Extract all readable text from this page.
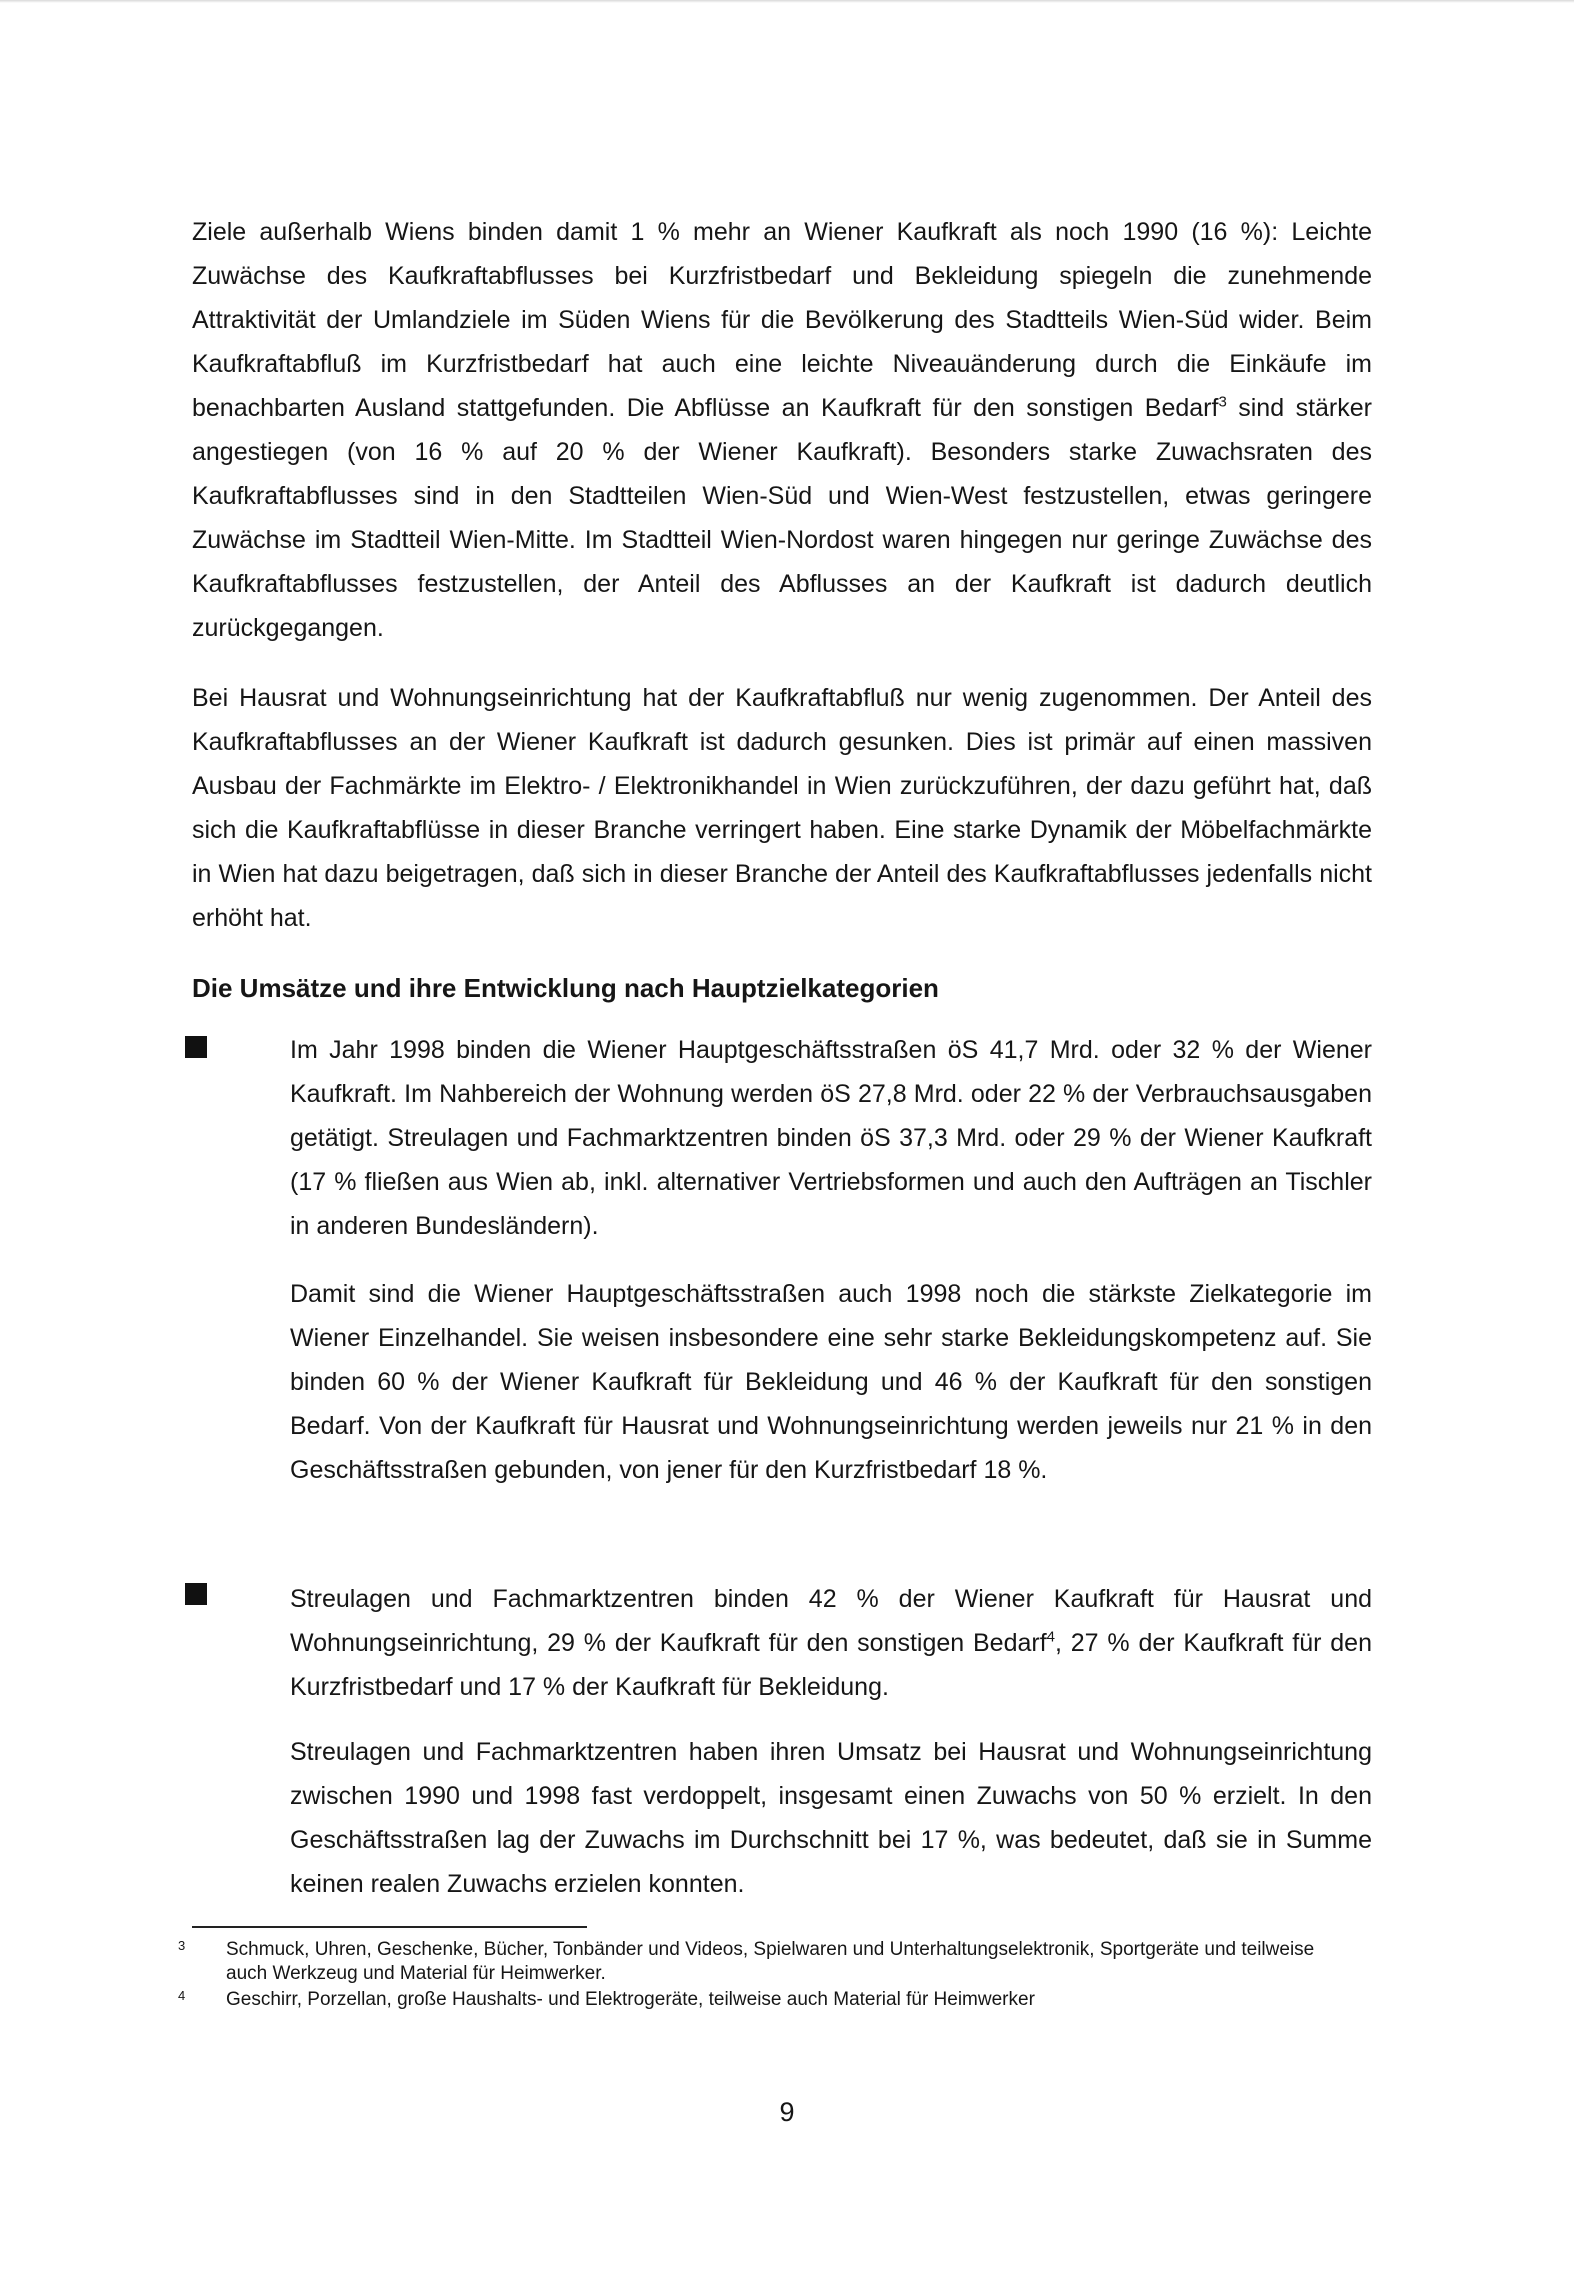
Ziele außerhalb Wiens binden damit 1 % mehr an Wiener Kaufkraft als noch 1990 (16 %): Leichte Zuwächse des Kaufkraftabflusses bei Kurzfristbedarf und Bekleidung spiegeln die zunehmende Attraktivität der Umlandziele im Süden Wiens für die Bevölkerung des Stadtteils Wien-Süd wider. Beim Kaufkraftabfluß im Kurzfristbedarf hat auch eine leichte Niveauänderung durch die Einkäufe im benachbarten Ausland stattgefunden. Die Abflüsse an Kaufkraft für den sonstigen Bedarf$^3$ sind stärker angestiegen (von 16 % auf 20 % der Wiener Kaufkraft). Besonders starke Zuwachsraten des Kaufkraftabflusses sind in den Stadtteilen Wien-Süd und Wien-West festzustellen, etwas geringere Zuwächse im Stadtteil Wien-Mitte. Im Stadtteil Wien-Nordost waren hingegen nur geringe Zuwächse des Kaufkraftabflusses festzustellen, der Anteil des Abflusses an der Kaufkraft ist dadurch deutlich zurückgegangen.

Bei Hausrat und Wohnungseinrichtung hat der Kaufkraftabfluß nur wenig zugenommen. Der Anteil des Kaufkraftabflusses an der Wiener Kaufkraft ist dadurch gesunken. Dies ist primär auf einen massiven Ausbau der Fachmärkte im Elektro- / Elektronikhandel in Wien zurückzuführen, der dazu geführt hat, daß sich die Kaufkraftabflüsse in dieser Branche verringert haben. Eine starke Dynamik der Möbelfachmärkte in Wien hat dazu beigetragen, daß sich in dieser Branche der Anteil des Kaufkraftabflusses jedenfalls nicht erhöht hat.

Die Umsätze und ihre Entwicklung nach Hauptzielkategorien

Im Jahr 1998 binden die Wiener Hauptgeschäftsstraßen öS 41,7 Mrd. oder 32 % der Wiener Kaufkraft. Im Nahbereich der Wohnung werden öS 27,8 Mrd. oder 22 % der Verbrauchsausgaben getätigt. Streulagen und Fachmarktzentren binden öS 37,3 Mrd. oder 29 % der Wiener Kaufkraft (17 % fließen aus Wien ab, inkl. alternativer Vertriebsformen und auch den Aufträgen an Tischler in anderen Bundesländern).

Damit sind die Wiener Hauptgeschäftsstraßen auch 1998 noch die stärkste Zielkategorie im Wiener Einzelhandel. Sie weisen insbesondere eine sehr starke Bekleidungskompetenz auf. Sie binden 60 % der Wiener Kaufkraft für Bekleidung und 46 % der Kaufkraft für den sonstigen Bedarf. Von der Kaufkraft für Hausrat und Wohnungseinrichtung werden jeweils nur 21 % in den Geschäftsstraßen gebunden, von jener für den Kurzfristbedarf 18 %.

Streulagen und Fachmarktzentren binden 42 % der Wiener Kaufkraft für Hausrat und Wohnungseinrichtung, 29 % der Kaufkraft für den sonstigen Bedarf$^4$, 27 % der Kaufkraft für den Kurzfristbedarf und 17 % der Kaufkraft für Bekleidung.

Streulagen und Fachmarktzentren haben ihren Umsatz bei Hausrat und Wohnungseinrichtung zwischen 1990 und 1998 fast verdoppelt, insgesamt einen Zuwachs von 50 % erzielt. In den Geschäftsstraßen lag der Zuwachs im Durchschnitt bei 17 %, was bedeutet, daß sie in Summe keinen realen Zuwachs erzielen konnten.

3 Schmuck, Uhren, Geschenke, Bücher, Tonbänder und Videos, Spielwaren und Unterhaltungselektronik, Sportgeräte und teilweise auch Werkzeug und Material für Heimwerker.
4 Geschirr, Porzellan, große Haushalts- und Elektrogeräte, teilweise auch Material für Heimwerker
9
